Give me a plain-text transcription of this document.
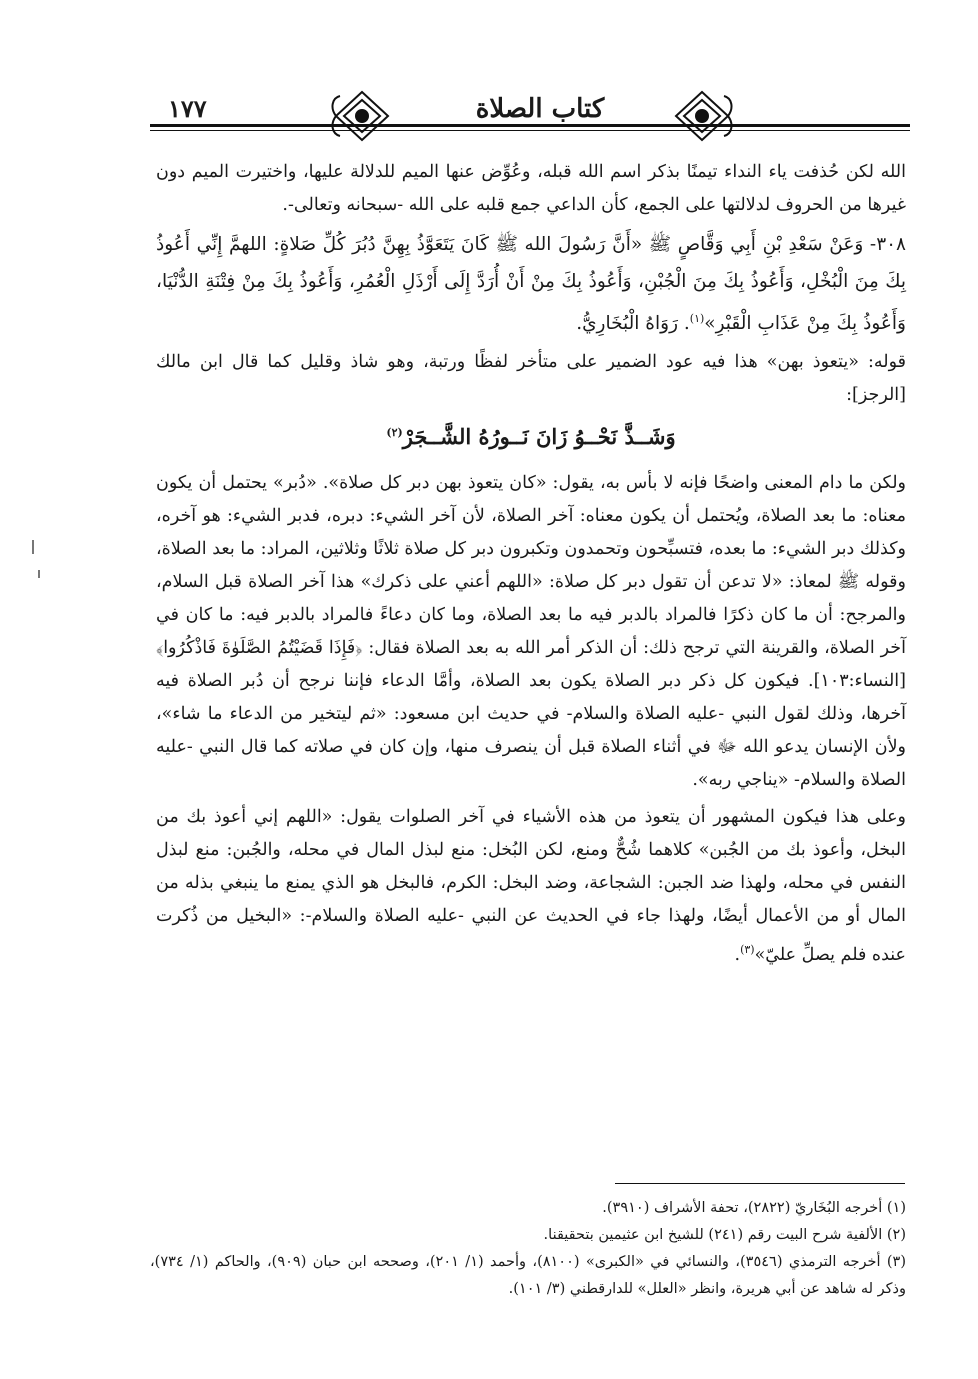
١٧٧	كتاب الصلاة

الله لكن حُذفت ياء النداء تيمنًا بذكر اسم الله قبله، وعُوِّض عنها الميم للدلالة عليها، واختيرت الميم دون غيرها من الحروف لدلالتها على الجمع، كأن الداعي جمع قلبه على الله -سبحانه وتعالى-.

٣٠٨- وَعَنْ سَعْدِ بْنِ أَبِي وَقَّاصٍ ﷺ «أَنَّ رَسُولَ الله ﷺ كَانَ يَتَعَوَّذُ بِهِنَّ دُبُرَ كُلِّ صَلاةٍ: اللهمَّ إِنِّي أَعُوذُ بِكَ مِنَ الْبُخْلِ، وَأَعُوذُ بِكَ مِنَ الْجُبْنِ، وَأَعُوذُ بِكَ مِنْ أَنْ أُرَدَّ إِلَى أَرْذَلِ الْعُمُرِ، وَأَعُوذُ بِكَ مِنْ فِتْنَةِ الدُّنْيَا، وَأَعُوذُ بِكَ مِنْ عَذَابِ الْقَبْرِ»$^{(١)}$. رَوَاهُ الْبُخَارِيُّ.

قوله: «يتعوذ بهن» هذا فيه عود الضمير على متأخر لفظًا ورتبة، وهو شاذ وقليل كما قال ابن مالك [الرجز]:

وَشَــذَّ نَحْــوُ زَانَ نَــورُهُ الشَّــجَرْ$^{(٢)}$

ولكن ما دام المعنى واضحًا فإنه لا بأس به، يقول: «كان يتعوذ بهن دبر كل صلاة». «دُبر» يحتمل أن يكون معناه: ما بعد الصلاة، ويُحتمل أن يكون معناه: آخر الصلاة، لأن آخر الشيء: دبره، فدبر الشيء: هو آخره، وكذلك دبر الشيء: ما بعده، فتسبِّحون وتحمدون وتكبرون دبر كل صلاة ثلاثًا وثلاثين، المراد: ما بعد الصلاة، وقوله ﷺ لمعاذ: «لا تدعن أن تقول دبر كل صلاة: «اللهم أعني على ذكرك» هذا آخر الصلاة قبل السلام، والمرجح: أن ما كان ذكرًا فالمراد بالدبر فيه ما بعد الصلاة، وما كان دعاءً فالمراد بالدبر فيه: ما كان في آخر الصلاة، والقرينة التي ترجح ذلك: أن الذكر أمر الله به بعد الصلاة فقال: ﴿فَإِذَا قَضَيْتُمُ الصَّلَوٰةَ فَاذْكُرُوا﴾ [النساء:١٠٣]. فيكون كل ذكر دبر الصلاة يكون بعد الصلاة، وأمَّا الدعاء فإننا نرجح أن دُبر الصلاة فيه آخرها، وذلك لقول النبي -عليه الصلاة والسلام- في حديث ابن مسعود: «ثم ليتخير من الدعاء ما شاء»، ولأن الإنسان يدعو الله ﷻ في أثناء الصلاة قبل أن ينصرف منها، وإن كان في صلاته كما قال النبي -عليه الصلاة والسلام- «يناجي ربه».

وعلى هذا فيكون المشهور أن يتعوذ من هذه الأشياء في آخر الصلوات يقول: «اللهم إني أعوذ بك من البخل، وأعوذ بك من الجُبن» كلاهما شُحٌّ ومنع، لكن البُخل: منع لبذل المال في محله، والجُبن: منع لبذل النفس في محله، ولهذا ضد الجبن: الشجاعة، وضد البخل: الكرم، فالبخل هو الذي يمنع ما ينبغي بذله من المال أو من الأعمال أيضًا، ولهذا جاء في الحديث عن النبي -عليه الصلاة والسلام-: «البخيل من ذُكرت عنده فلم يصلِّ عليّ»$^{(٣)}$.

(١) أخرجه البُخَاريّ (٢٨٢٢)، تحفة الأشراف (٣٩١٠).

(٢) الألفية شرح البيت رقم (٢٤١) للشيخ ابن عثيمين بتحقيقنا.

(٣) أخرجه الترمذي (٣٥٤٦)، والنسائي في «الكبرى» (٨١٠٠)، وأحمد (١/ ٢٠١)، وصححه ابن حبان (٩٠٩)، والحاكم (١/ ٧٣٤)، وذكر له شاهد عن أبي هريرة، وانظر «العلل» للدارقطني (٣/ ١٠١).
